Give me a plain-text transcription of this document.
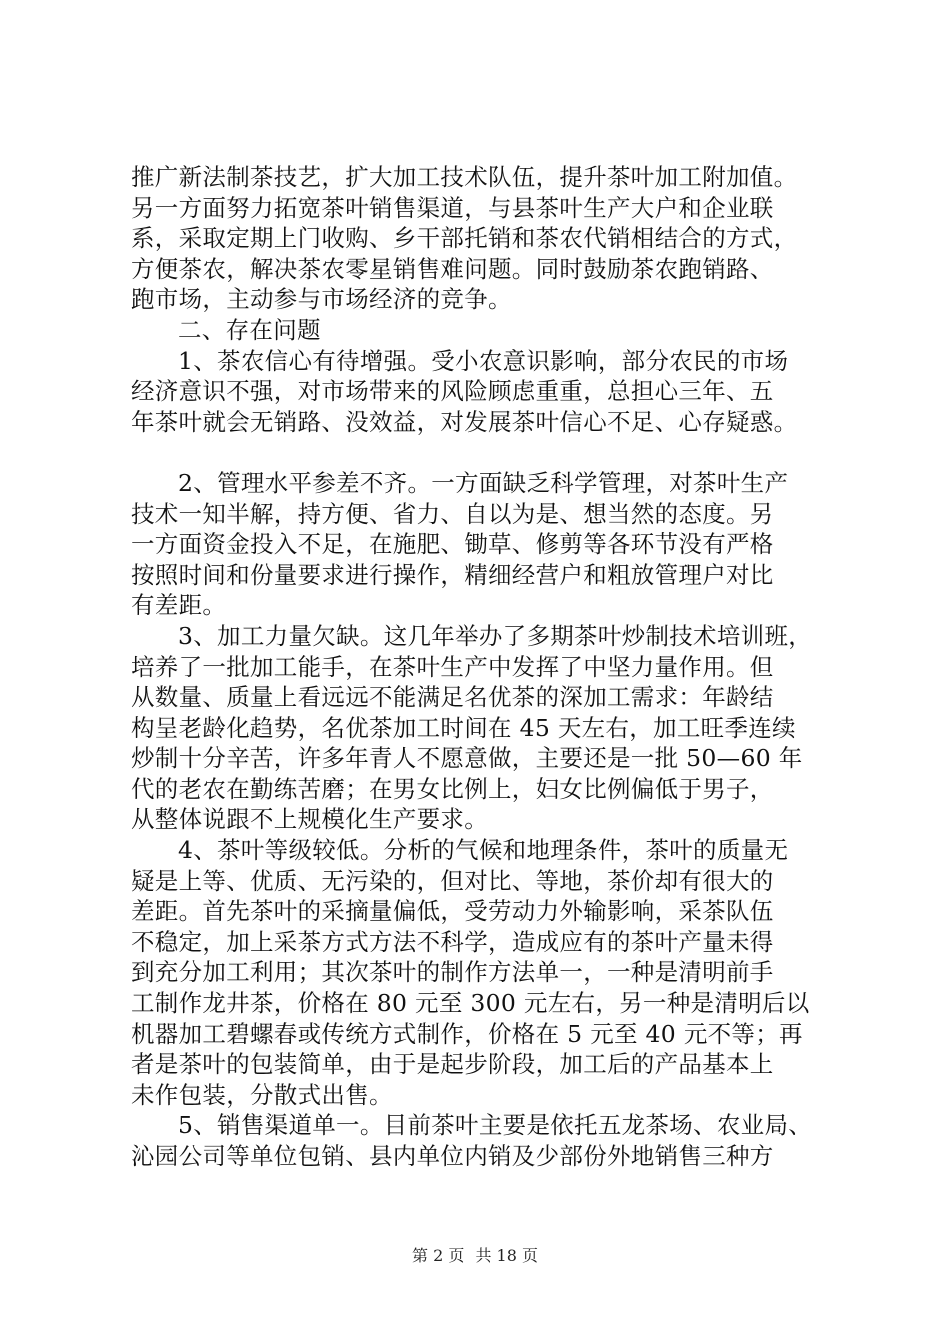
推广新法制茶技艺，扩大加工技术队伍，提升茶叶加工附加值。
另一方面努力拓宽茶叶销售渠道，与县茶叶生产大户和企业联
系，采取定期上门收购、乡干部托销和茶农代销相结合的方式，
方便茶农，解决茶农零星销售难问题。同时鼓励茶农跑销路、
跑市场，主动参与市场经济的竞争。
二、存在问题
1、茶农信心有待增强。受小农意识影响，部分农民的市场
经济意识不强，对市场带来的风险顾虑重重，总担心三年、五
年茶叶就会无销路、没效益，对发展茶叶信心不足、心存疑惑。
2、管理水平参差不齐。一方面缺乏科学管理，对茶叶生产
技术一知半解，持方便、省力、自以为是、想当然的态度。另
一方面资金投入不足，在施肥、锄草、修剪等各环节没有严格
按照时间和份量要求进行操作，精细经营户和粗放管理户对比
有差距。
3、加工力量欠缺。这几年举办了多期茶叶炒制技术培训班，
培养了一批加工能手，在茶叶生产中发挥了中坚力量作用。但
从数量、质量上看远远不能满足名优茶的深加工需求：年龄结
构呈老龄化趋势，名优茶加工时间在 45 天左右，加工旺季连续
炒制十分辛苦，许多年青人不愿意做，主要还是一批 50—60 年
代的老农在勤练苦磨；在男女比例上，妇女比例偏低于男子，
从整体说跟不上规模化生产要求。
4、茶叶等级较低。分析的气候和地理条件，茶叶的质量无
疑是上等、优质、无污染的，但对比、等地，茶价却有很大的
差距。首先茶叶的采摘量偏低，受劳动力外输影响，采茶队伍
不稳定，加上采茶方式方法不科学，造成应有的茶叶产量未得
到充分加工利用；其次茶叶的制作方法单一，一种是清明前手
工制作龙井茶，价格在 80 元至 300 元左右，另一种是清明后以
机器加工碧螺春或传统方式制作，价格在 5 元至 40 元不等；再
者是茶叶的包装简单，由于是起步阶段，加工后的产品基本上
未作包装，分散式出售。
5、销售渠道单一。目前茶叶主要是依托五龙茶场、农业局、
沁园公司等单位包销、县内单位内销及少部份外地销售三种方
第 2 页 共 18 页
